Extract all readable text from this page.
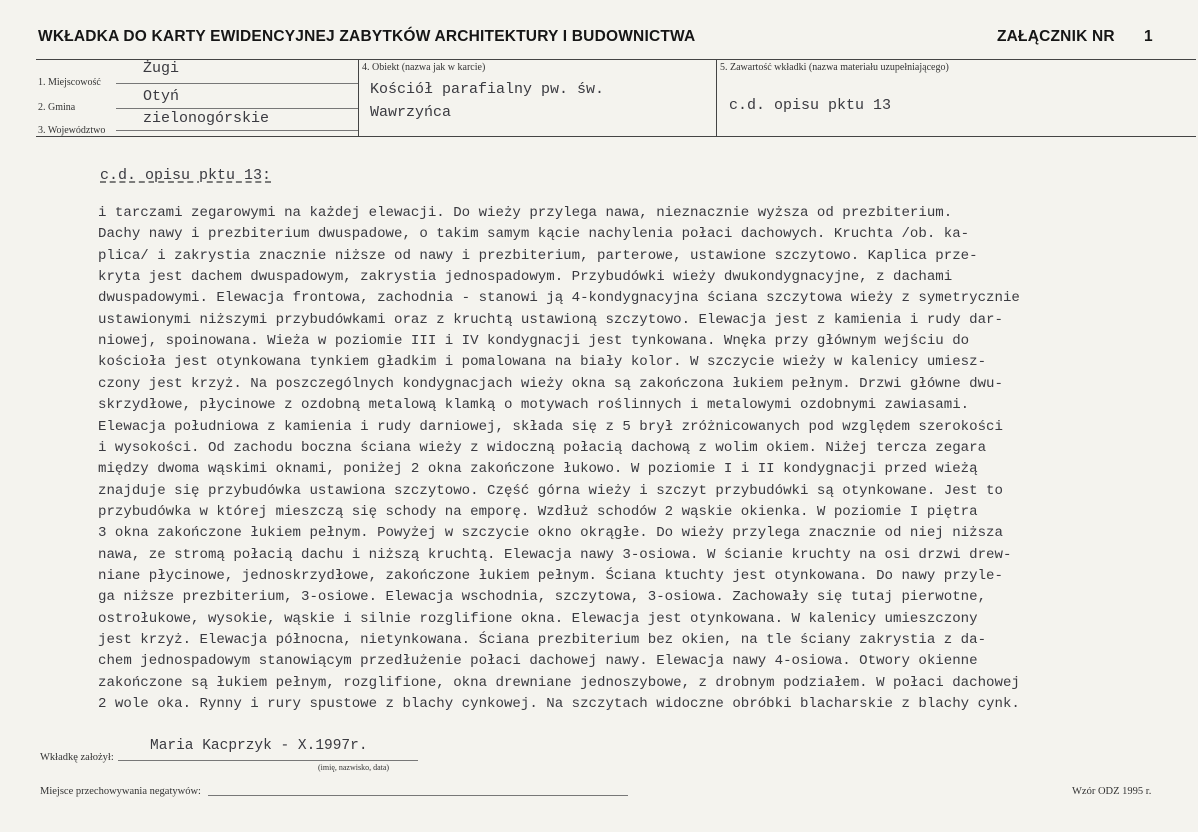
WKŁADKA DO KARTY EWIDENCYJNEJ ZABYTKÓW ARCHITEKTURY I BUDOWNICTWA	ZAŁĄCZNIK NR 1
1. Miejscowość
Żugi
2. Gmina
Otyń
3. Województwo
zielonogórskie
4. Obiekt (nazwa jak w karcie)
Kościół parafialny pw. św.
Wawrzyńca
5. Zawartość wkładki (nazwa materiału uzupełniającego)
c.d. opisu pktu 13
c.d. opisu pktu 13:
i tarczami zegarowymi na każdej elewacji. Do wieży przylega nawa, nieznacznie wyższa od prezbiterium.
Dachy nawy i prezbiterium dwuspadowe, o takim samym kącie nachylenia połaci dachowych. Kruchta /ob. ka-
plica/ i zakrystia znacznie niższe od nawy i prezbiterium, parterowe, ustawione szczytowo. Kaplica prze-
kryta jest dachem dwuspadowym, zakrystia jednospadowym. Przybudówki wieży dwukondygnacyjne, z dachami
dwuspadowymi. Elewacja frontowa, zachodnia - stanowi ją 4-kondygnacyjna ściana szczytowa wieży z symetrycznie
ustawionymi niższymi przybudówkami oraz z kruchtą ustawioną szczytowo. Elewacja jest z kamienia i rudy dar-
niowej, spoinowana. Wieża w poziomie III i IV kondygnacji jest tynkowana. Wnęka przy głównym wejściu do
kościoła jest otynkowana tynkiem gładkim i pomalowana na biały kolor. W szczycie wieży w kalenicy umiesz-
czony jest krzyż. Na poszczególnych kondygnacjach wieży okna są zakończona łukiem pełnym. Drzwi główne dwu-
skrzydłowe, płycinowe z ozdobną metalową klamką o motywach roślinnych i metalowymi ozdobnymi zawiasami.
Elewacja południowa z kamienia i rudy darniowej, składa się z 5 brył zróżnicowanych pod względem szerokości
i wysokości. Od zachodu boczna ściana wieży z widoczną połacią dachową z wolim okiem. Niżej tercza zegara
między dwoma wąskimi oknami, poniżej 2 okna zakończone łukowo. W poziomie I i II kondygnacji przed wieżą
znajduje się przybudówka ustawiona szczytowo. Część górna wieży i szczyt przybudówki są otynkowane. Jest to
przybudówka w której mieszczą się schody na emporę. Wzdłuż schodów 2 wąskie okienka. W poziomie I piętra
3 okna zakończone łukiem pełnym. Powyżej w szczycie okno okrągłe. Do wieży przylega znacznie od niej niższa
nawa, ze stromą połacią dachu i niższą kruchtą. Elewacja nawy 3-osiowa. W ścianie kruchty na osi drzwi drew-
niane płycinowe, jednoskrzydłowe, zakończone łukiem pełnym. Ściana ktuchty jest otynkowana. Do nawy przyle-
ga niższe prezbiterium, 3-osiowe. Elewacja wschodnia, szczytowa, 3-osiowa. Zachowały się tutaj pierwotne,
ostrołukowe, wysokie, wąskie i silnie rozglifione okna. Elewacja jest otynkowana. W kalenicy umieszczony
jest krzyż. Elewacja północna, nietynkowana. Ściana prezbiterium bez okien, na tle ściany zakrystia z da-
chem jednospadowym stanowiącym przedłużenie połaci dachowej nawy. Elewacja nawy 4-osiowa. Otwory okienne
zakończone są łukiem pełnym, rozglifione, okna drewniane jednoszybowe, z drobnym podziałem. W połaci dachowej
2 wole oka. Rynny i rury spustowe z blachy cynkowej. Na szczytach widoczne obróbki blacharskie z blachy cynk.
Wkładkę założył:
Maria Kacprzyk - X.1997r.
(imię, nazwisko, data)
Miejsce przechowywania negatywów:	Wzór ODZ 1995 r.
